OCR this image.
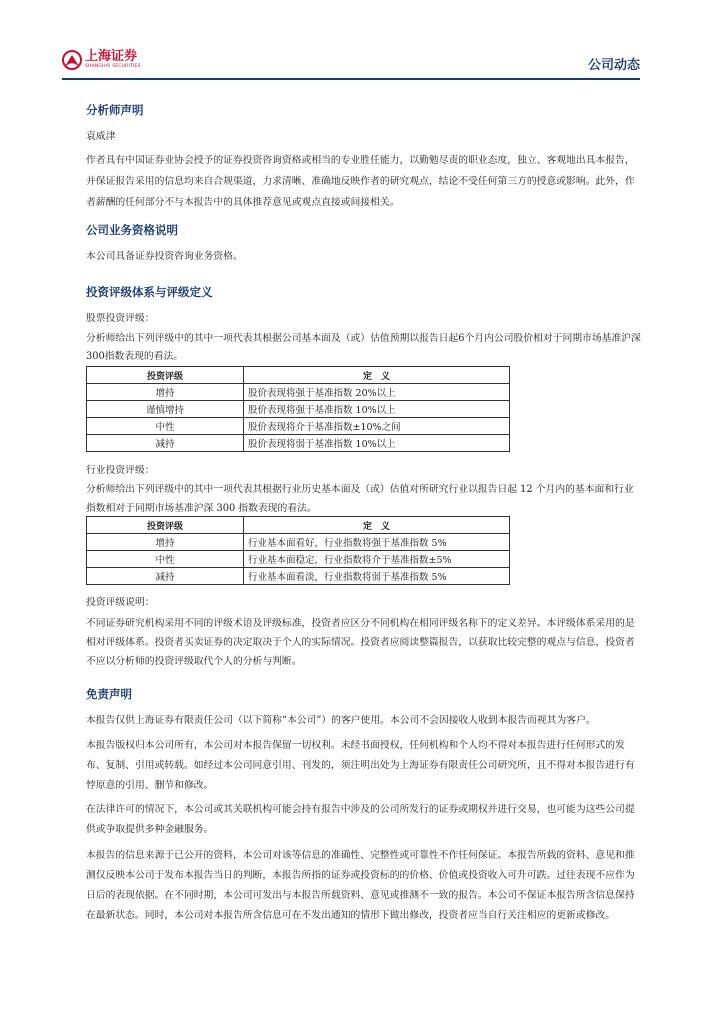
上海证券
SHANGHAI SECURITIES	公司动态
分析师声明

袁威津

作者具有中国证券业协会授予的证券投资咨询资格或相当的专业胜任能力，以勤勉尽责的职业态度，独立、客观地出具本报告，并保证报告采用的信息均来自合规渠道，力求清晰、准确地反映作者的研究观点，结论不受任何第三方的授意或影响。此外，作者薪酬的任何部分不与本报告中的具体推荐意见或观点直接或间接相关。

公司业务资格说明

本公司具备证券投资咨询业务资格。

投资评级体系与评级定义

股票投资评级：

分析师给出下列评级中的其中一项代表其根据公司基本面及（或）估值预期以报告日起6个月内公司股价相对于同期市场基准沪深300指数表现的看法。

投资评级	定　义
增持	股价表现将强于基准指数 20%以上
谨慎增持	股价表现将强于基准指数 10%以上
中性	股价表现将介于基准指数±10%之间
减持	股价表现将弱于基准指数 10%以上

行业投资评级：

分析师给出下列评级中的其中一项代表其根据行业历史基本面及（或）估值对所研究行业以报告日起 12 个月内的基本面和行业指数相对于同期市场基准沪深 300 指数表现的看法。

投资评级	定　义
增持	行业基本面看好，行业指数将强于基准指数 5%
中性	行业基本面稳定，行业指数将介于基准指数±5%
减持	行业基本面看淡，行业指数将弱于基准指数 5%

投资评级说明：

不同证券研究机构采用不同的评级术语及评级标准，投资者应区分不同机构在相同评级名称下的定义差异。本评级体系采用的是相对评级体系。投资者买卖证券的决定取决于个人的实际情况。投资者应阅读整篇报告，以获取比较完整的观点与信息，投资者不应以分析师的投资评级取代个人的分析与判断。

免责声明

本报告仅供上海证券有限责任公司（以下简称“本公司”）的客户使用。本公司不会因接收人收到本报告而视其为客户。

本报告版权归本公司所有，本公司对本报告保留一切权利。未经书面授权，任何机构和个人均不得对本报告进行任何形式的发布、复制、引用或转载。如经过本公司同意引用、刊发的，须注明出处为上海证券有限责任公司研究所，且不得对本报告进行有悖原意的引用、删节和修改。

在法律许可的情况下，本公司或其关联机构可能会持有报告中涉及的公司所发行的证券或期权并进行交易，也可能为这些公司提供或争取提供多种金融服务。

本报告的信息来源于已公开的资料，本公司对该等信息的准确性、完整性或可靠性不作任何保证。本报告所载的资料、意见和推测仅反映本公司于发布本报告当日的判断，本报告所指的证券或投资标的的价格、价值或投资收入可升可跌。过往表现不应作为日后的表现依据。在不同时期，本公司可发出与本报告所载资料、意见或推测不一致的报告。本公司不保证本报告所含信息保持在最新状态。同时，本公司对本报告所含信息可在不发出通知的情形下做出修改，投资者应当自行关注相应的更新或修改。
